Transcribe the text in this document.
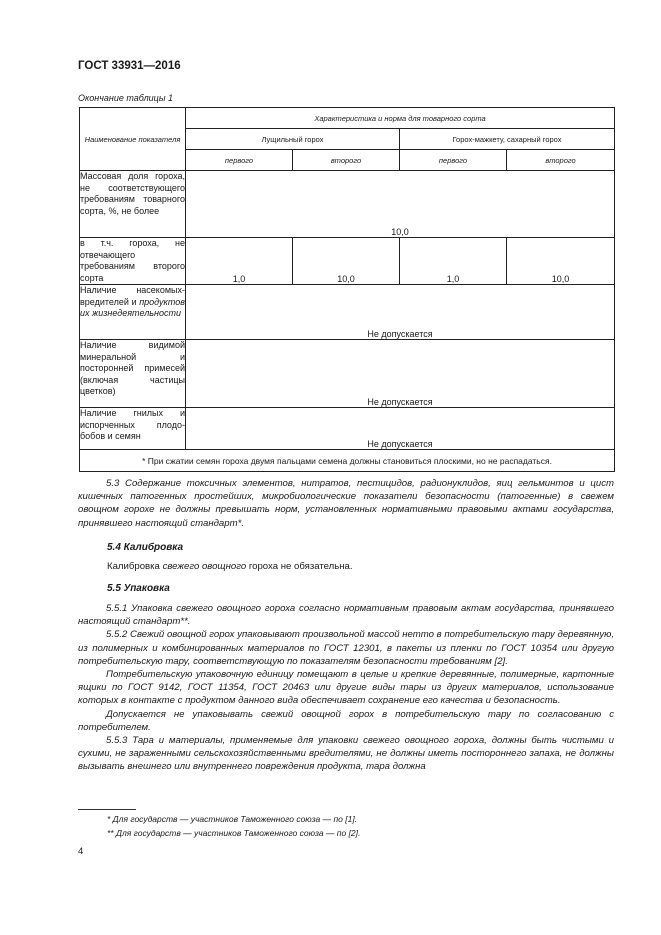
ГОСТ 33931—2016
Окончание таблицы 1
Наименование показателя	Характеристика и норма для товарного сорта			
	Лущильный горох		Горох-мажкету, сахарный горох	
	первого	второго	первого	второго
Массовая доля гороха, не соответствующего требованиям товарного сорта, %, не более	10,0			
в т.ч. гороха, не отвечающего требованиям второго сорта	1,0	10,0	1,0	10,0
Наличие насекомых-вредителей и продуктов их жизнедеятельности	Не допускается			
Наличие видимой минеральной и посторонней примесей (включая частицы цветков)	Не допускается			
Наличие гнилых и испорченных плодо-бобов и семян	Не допускается			
* При сжатии семян гороха двумя пальцами семена должны становиться плоскими, но не распадаться.				

5.3 Содержание токсичных элементов, нитратов, пестицидов, радионуклидов, яиц гельминтов и цист кишечных патогенных простейших, микробиологические показатели безопасности (патогенные) в свежем овощном горохе не должны превышать норм, установленных нормативными правовыми актами государства, принявшего настоящий стандарт*.

5.4 Калибровка
Калибровка свежего овощного гороха не обязательна.
5.5 Упаковка

5.5.1 Упаковка свежего овощного гороха согласно нормативным правовым актам государства, принявшего настоящий стандарт**.

5.5.2 Свежий овощной горох упаковывают произвольной массой нетто в потребительскую тару деревянную, из полимерных и комбинированных материалов по ГОСТ 12301, в пакеты из пленки по ГОСТ 10354 или другую потребительскую тару, соответствующую по показателям безопасности требованиям [2].

Потребительскую упаковочную единицу помещают в целые и крепкие деревянные, полимерные, картонные ящики по ГОСТ 9142, ГОСТ 11354, ГОСТ 20463 или другие виды тары из других материалов, использование которых в контакте с продуктом данного вида обеспечивает сохранение его качества и безопасность.

Допускается не упаковывать свежий овощной горох в потребительскую тару по согласованию с потребителем.

5.5.3 Тара и материалы, применяемые для упаковки свежего овощного гороха, должны быть чистыми и сухими, не зараженными сельскохозяйственными вредителями, не должны иметь постороннего запаха, не должны вызывать внешнего или внутреннего повреждения продукта, тара должна

* Для государств — участников Таможенного союза — по [1].
** Для государств — участников Таможенного союза — по [2].
4
